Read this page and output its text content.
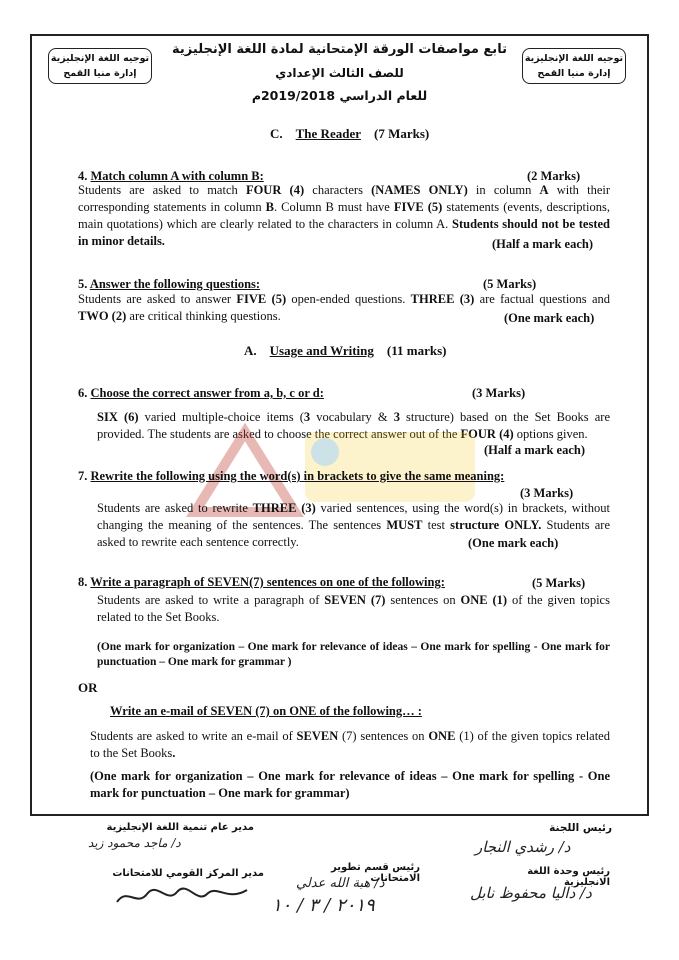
توجيه اللغة الإنجليزية
إدارة منيا القمح
توجيه اللغة الإنجليزية
إدارة منيا القمح
تابع مواصفات الورقة الإمتحانية لمادة اللغة الإنجليزية
للصف الثالث الإعدادي
للعام الدراسي 2019/2018م
C. The Reader (7 Marks)
4. Match column A with column B:	(2 Marks)
Students are asked to match FOUR (4) characters (NAMES ONLY) in column A with their corresponding statements in column B. Column B must have FIVE (5) statements (events, descriptions, main quotations) which are clearly related to the characters in column A. Students should not be tested in minor details.	(Half a mark each)
5. Answer the following questions:	(5 Marks)
Students are asked to answer FIVE (5) open-ended questions. THREE (3) are factual questions and TWO (2) are critical thinking questions.	(One mark each)
A. Usage and Writing (11 marks)
6. Choose the correct answer from a, b, c or d:	(3 Marks)
SIX (6) varied multiple-choice items (3 vocabulary & 3 structure) based on the Set Books are provided. The students are asked to choose the correct answer out of the FOUR (4) options given.
(Half a mark each)
7. Rewrite the following using the word(s) in brackets to give the same meaning:
(3 Marks)
Students are asked to rewrite THREE (3) varied sentences, using the word(s) in brackets, without changing the meaning of the sentences. The sentences MUST test structure ONLY. Students are asked to rewrite each sentence correctly.	(One mark each)
8. Write a paragraph of SEVEN(7) sentences on one of the following:	(5 Marks)
Students are asked to write a paragraph of SEVEN (7) sentences on ONE (1) of the given topics related to the Set Books.
(One mark for organization – One mark for relevance of ideas – One mark for spelling - One mark for punctuation – One mark for grammar )
OR
Write an e-mail of SEVEN (7) on ONE of the following… :
Students are asked to write an e-mail of SEVEN (7) sentences on ONE (1) of the given topics related to the Set Books.
(One mark for organization – One mark for relevance of ideas – One mark for spelling - One mark for punctuation – One mark for grammar)
مدير عام تنمية اللغة الإنجليزية
د/ ماجد محمود زيد
رئيس اللجنة
د/ رشدي النجار
مدير المركز القومي للامتحانات
رئيس قسم تطوير الامتحانات
د/ هبة الله عدلي
٢٠١٩ / ٣ / ١٠
رئيس وحدة اللغة الانجليزية
د/ داليا محفوظ نابل
